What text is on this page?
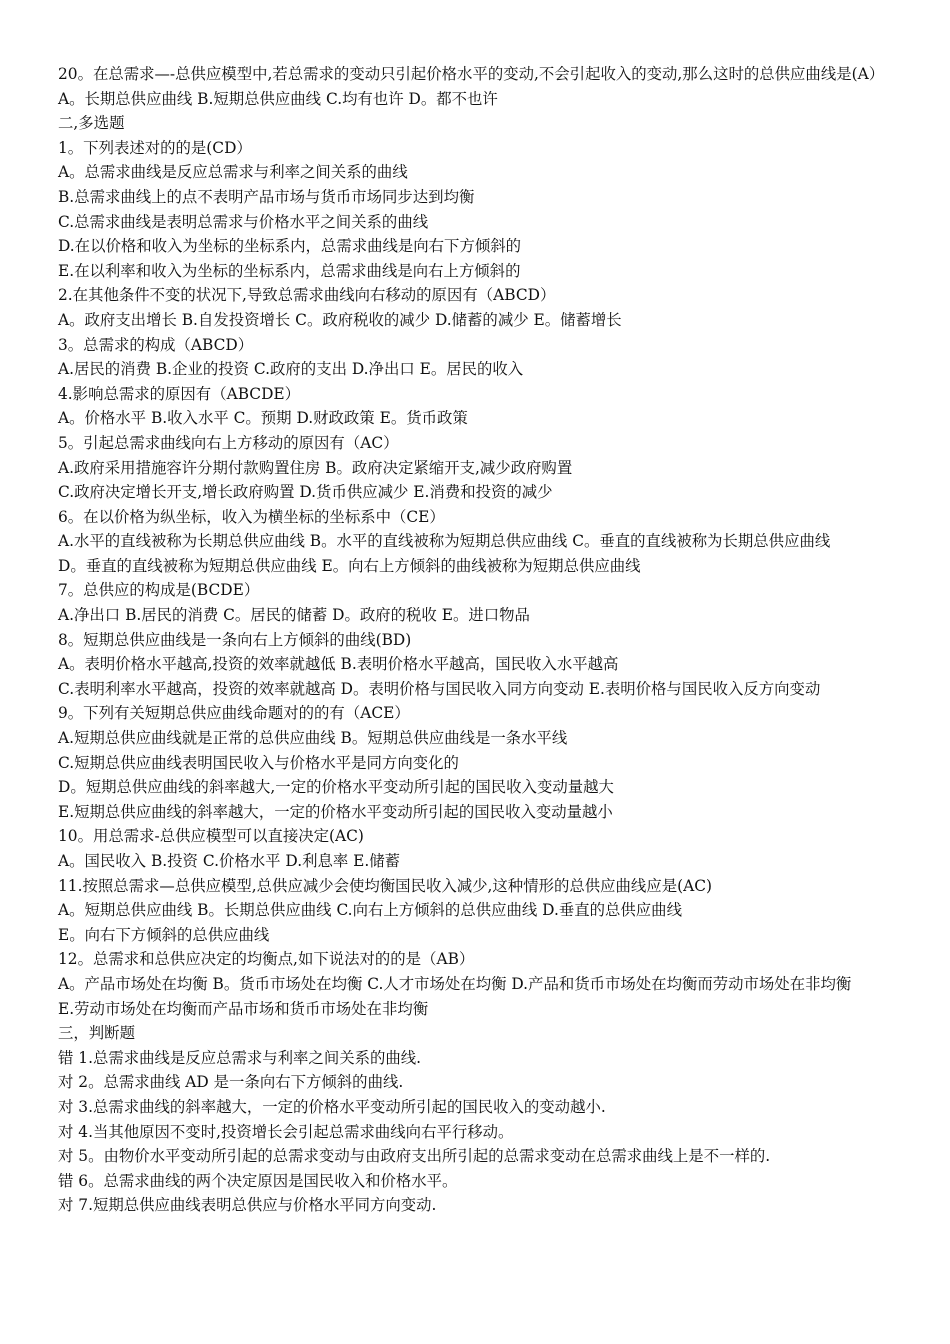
20。在总需求—-总供应模型中,若总需求的变动只引起价格水平的变动,不会引起收入的变动,那么这时的总供应曲线是(A）
A。长期总供应曲线 B.短期总供应曲线 C.均有也许 D。都不也许
二,多选题
1。下列表述对的的是(CD）
A。总需求曲线是反应总需求与利率之间关系的曲线
B.总需求曲线上的点不表明产品市场与货币市场同步达到均衡
C.总需求曲线是表明总需求与价格水平之间关系的曲线
D.在以价格和收入为坐标的坐标系内，总需求曲线是向右下方倾斜的
E.在以利率和收入为坐标的坐标系内，总需求曲线是向右上方倾斜的
2.在其他条件不变的状况下,导致总需求曲线向右移动的原因有（ABCD）
A。政府支出增长 B.自发投资增长 C。政府税收的减少 D.储蓄的减少 E。储蓄增长
3。总需求的构成（ABCD）
A.居民的消费 B.企业的投资 C.政府的支出 D.净出口 E。居民的收入
4.影响总需求的原因有（ABCDE）
A。价格水平 B.收入水平 C。预期 D.财政政策 E。货币政策
5。引起总需求曲线向右上方移动的原因有（AC）
A.政府采用措施容许分期付款购置住房 B。政府决定紧缩开支,减少政府购置
C.政府决定增长开支,增长政府购置 D.货币供应减少 E.消费和投资的减少
6。在以价格为纵坐标，收入为横坐标的坐标系中（CE）
A.水平的直线被称为长期总供应曲线 B。水平的直线被称为短期总供应曲线 C。垂直的直线被称为长期总供应曲线
D。垂直的直线被称为短期总供应曲线 E。向右上方倾斜的曲线被称为短期总供应曲线
7。总供应的构成是(BCDE）
A.净出口 B.居民的消费 C。居民的储蓄 D。政府的税收 E。进口物品
8。短期总供应曲线是一条向右上方倾斜的曲线(BD)
A。表明价格水平越高,投资的效率就越低 B.表明价格水平越高，国民收入水平越高
C.表明利率水平越高，投资的效率就越高 D。表明价格与国民收入同方向变动 E.表明价格与国民收入反方向变动
9。下列有关短期总供应曲线命题对的的有（ACE）
A.短期总供应曲线就是正常的总供应曲线 B。短期总供应曲线是一条水平线
C.短期总供应曲线表明国民收入与价格水平是同方向变化的
D。短期总供应曲线的斜率越大,一定的价格水平变动所引起的国民收入变动量越大
E.短期总供应曲线的斜率越大，一定的价格水平变动所引起的国民收入变动量越小
10。用总需求-总供应模型可以直接决定(AC)
A。国民收入 B.投资 C.价格水平 D.利息率 E.储蓄
11.按照总需求—总供应模型,总供应减少会使均衡国民收入减少,这种情形的总供应曲线应是(AC)
A。短期总供应曲线 B。长期总供应曲线 C.向右上方倾斜的总供应曲线 D.垂直的总供应曲线
E。向右下方倾斜的总供应曲线
12。总需求和总供应决定的均衡点,如下说法对的的是（AB）
A。产品市场处在均衡 B。货币市场处在均衡 C.人才市场处在均衡 D.产品和货币市场处在均衡而劳动市场处在非均衡
E.劳动市场处在均衡而产品市场和货币市场处在非均衡
三，判断题
错 1.总需求曲线是反应总需求与利率之间关系的曲线.
对 2。总需求曲线 AD 是一条向右下方倾斜的曲线.
对 3.总需求曲线的斜率越大，一定的价格水平变动所引起的国民收入的变动越小.
对 4.当其他原因不变时,投资增长会引起总需求曲线向右平行移动。
对 5。由物价水平变动所引起的总需求变动与由政府支出所引起的总需求变动在总需求曲线上是不一样的.
错 6。总需求曲线的两个决定原因是国民收入和价格水平。
对 7.短期总供应曲线表明总供应与价格水平同方向变动.
